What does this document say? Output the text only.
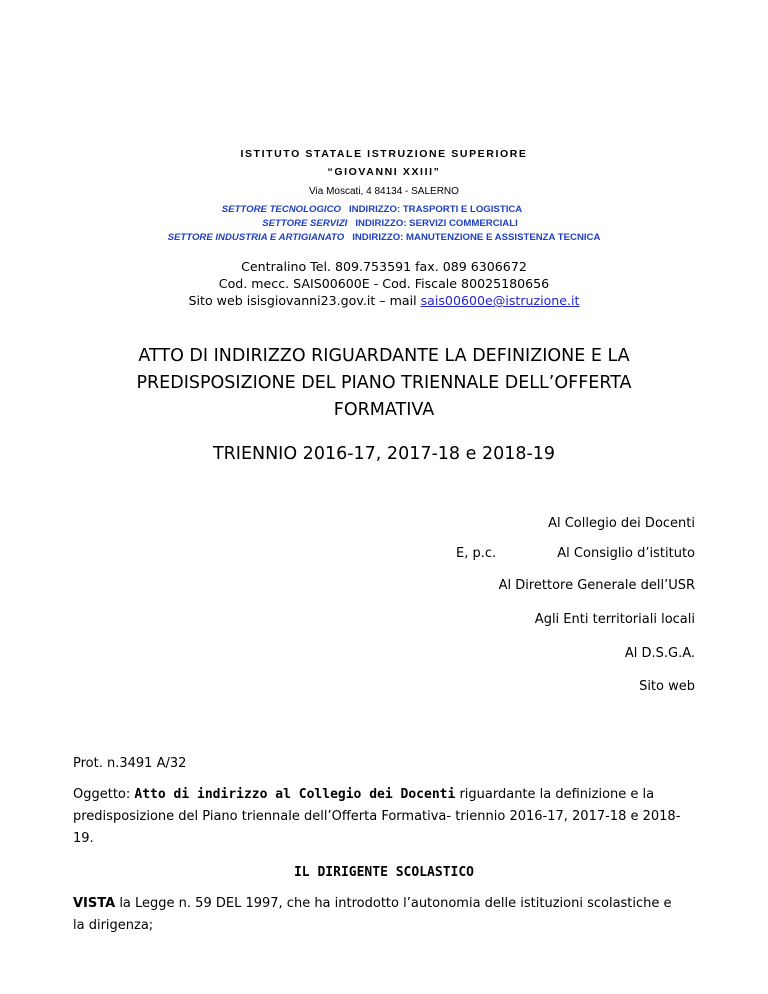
ISTITUTO STATALE ISTRUZIONE SUPERIORE
“GIOVANNI XXIII”
Via Moscati, 4 84134 - SALERNO
SETTORE TECNOLOGICO INDIRIZZO: TRASPORTI E LOGISTICA
SETTORE SERVIZI INDIRIZZO: SERVIZI COMMERCIALI
SETTORE INDUSTRIA E ARTIGIANATO INDIRIZZO: MANUTENZIONE E ASSISTENZA TECNICA
Centralino Tel. 809.753591 fax. 089 6306672
Cod. mecc. SAIS00600E - Cod. Fiscale 80025180656
Sito web isisgiovanni23.gov.it – mail sais00600e@istruzione.it
ATTO DI INDIRIZZO RIGUARDANTE LA DEFINIZIONE E LA
PREDISPOSIZIONE DEL PIANO TRIENNALE DELL’OFFERTA
FORMATIVA
TRIENNIO 2016-17, 2017-18 e 2018-19
Al Collegio dei Docenti
E, p.c.	Al Consiglio d’istituto
Al Direttore Generale dell’USR
Agli Enti territoriali locali
Al D.S.G.A.
Sito web
Prot. n.3491 A/32
Oggetto: Atto di indirizzo al Collegio dei Docenti riguardante la definizione e la
predisposizione del Piano triennale dell’Offerta Formativa- triennio 2016-17, 2017-18 e 2018-
19.
IL DIRIGENTE SCOLASTICO
VISTA la Legge n. 59 DEL 1997, che ha introdotto l’autonomia delle istituzioni scolastiche e
la dirigenza;
